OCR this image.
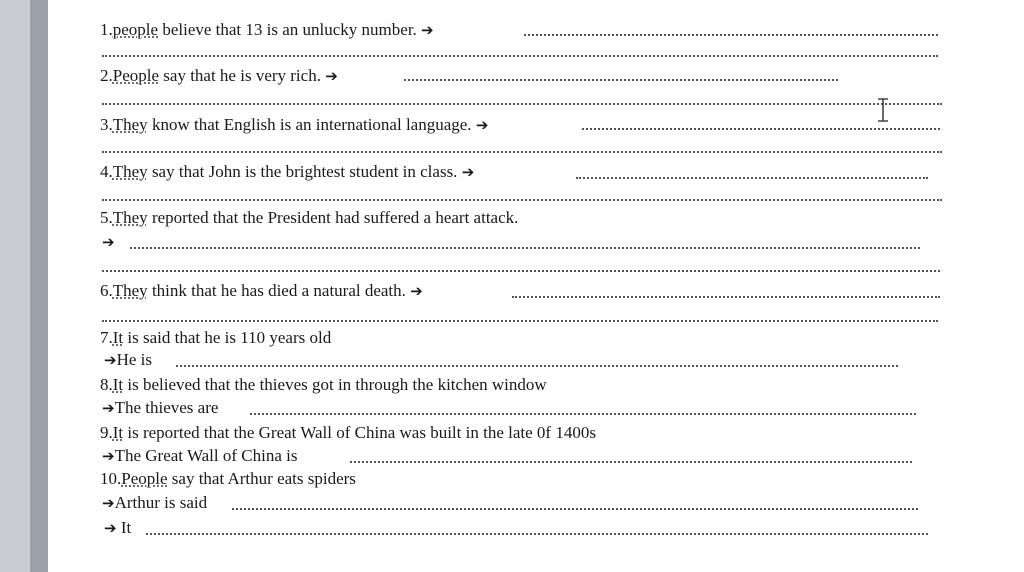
1.people believe that 13 is an unlucky number. ➔
2.People say that he is very rich. ➔
3.They know that English is an international language. ➔
4.They say that John is the brightest student in class. ➔
5.They reported that the President had suffered a heart attack.
➔
6.They think that he has died a natural death. ➔
7.It is said that he is 110 years old
➔He is
8.It is believed that the thieves got in through the kitchen window
➔The thieves are
9.It is reported that the Great Wall of China was built in the late 0f 1400s
➔The Great Wall of China is
10.People say that Arthur eats spiders
➔Arthur is said
➔ It
